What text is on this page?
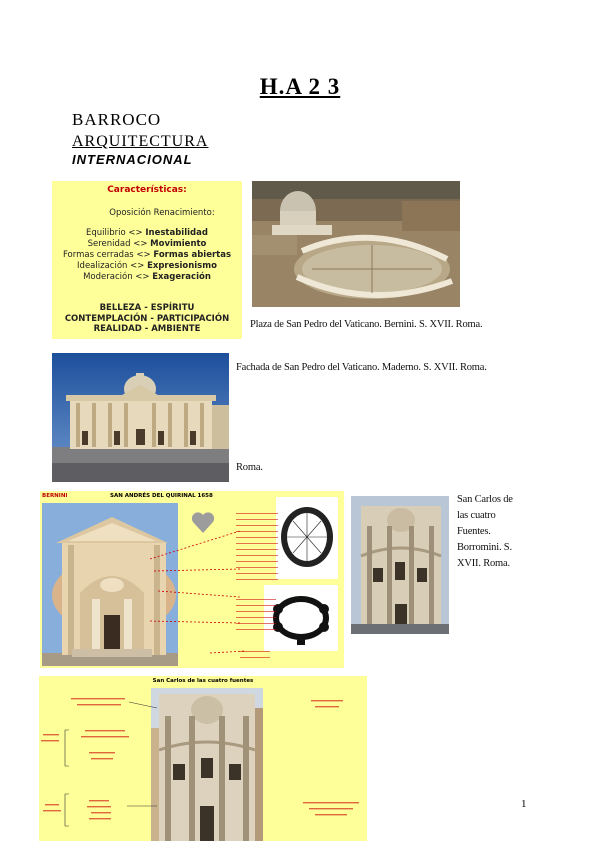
H.A 2 3
BARROCO
ARQUITECTURA
INTERNACIONAL
Características:
Oposición Renacimiento:
Equilibrio <> Inestabilidad
Serenidad <> Movimiento
Formas cerradas <> Formas abiertas
Idealización <> Expresionismo
Moderación <> Exageración
BELLEZA - ESPÍRITU
CONTEMPLACIÓN - PARTICIPACIÓN
REALIDAD - AMBIENTE	Plaza de San Pedro del Vaticano. Bernini. S. XVII. Roma.
Fachada de San Pedro del Vaticano. Maderno. S. XVII. Roma.
Roma.
BERNINI	SAN ANDRÉS DEL QUIRINAL 1658	San Carlos de
las cuatro
Fuentes.
Borromini. S.
XVII. Roma.
San Carlos de las cuatro fuentes
1
